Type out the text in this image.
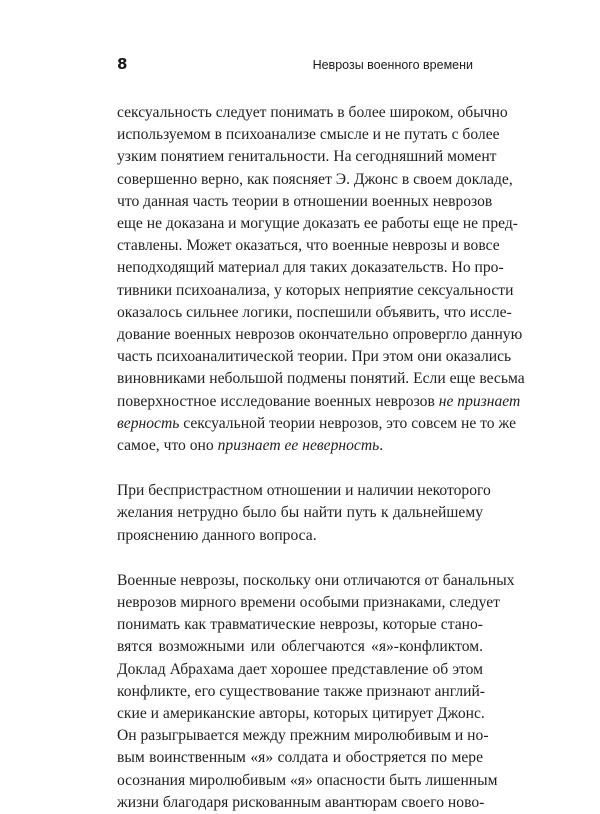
8	Неврозы военного времени
сексуальность следует понимать в более широком, обычно
используемом в психоанализе смысле и не путать с более
узким понятием генитальности. На сегодняшний момент
совершенно верно, как поясняет Э. Джонс в своем докладе,
что данная часть теории в отношении военных неврозов
еще не доказана и могущие доказать ее работы еще не пред-
ставлены. Может оказаться, что военные неврозы и вовсе
неподходящий материал для таких доказательств. Но про-
тивники психоанализа, у которых неприятие сексуальности
оказалось сильнее логики, поспешили объявить, что иссле-
дование военных неврозов окончательно опровергло данную
часть психоаналитической теории. При этом они оказались
виновниками небольшой подмены понятий. Если еще весьма
поверхностное исследование военных неврозов не признает
верность сексуальной теории неврозов, это совсем не то же
самое, что оно признает ее неверность.
При беспристрастном отношении и наличии некоторого
желания нетрудно было бы найти путь к дальнейшему
прояснению данного вопроса.
Военные неврозы, поскольку они отличаются от банальных
неврозов мирного времени особыми признаками, следует
понимать как травматические неврозы, которые стано-
вятся возможными или облегчаются «я»-конфликтом.
Доклад Абрахама дает хорошее представление об этом
конфликте, его существование также признают англий-
ские и американские авторы, которых цитирует Джонс.
Он разыгрывается между прежним миролюбивым и но-
вым воинственным «я» солдата и обостряется по мере
осознания миролюбивым «я» опасности быть лишенным
жизни благодаря рискованным авантюрам своего ново-
